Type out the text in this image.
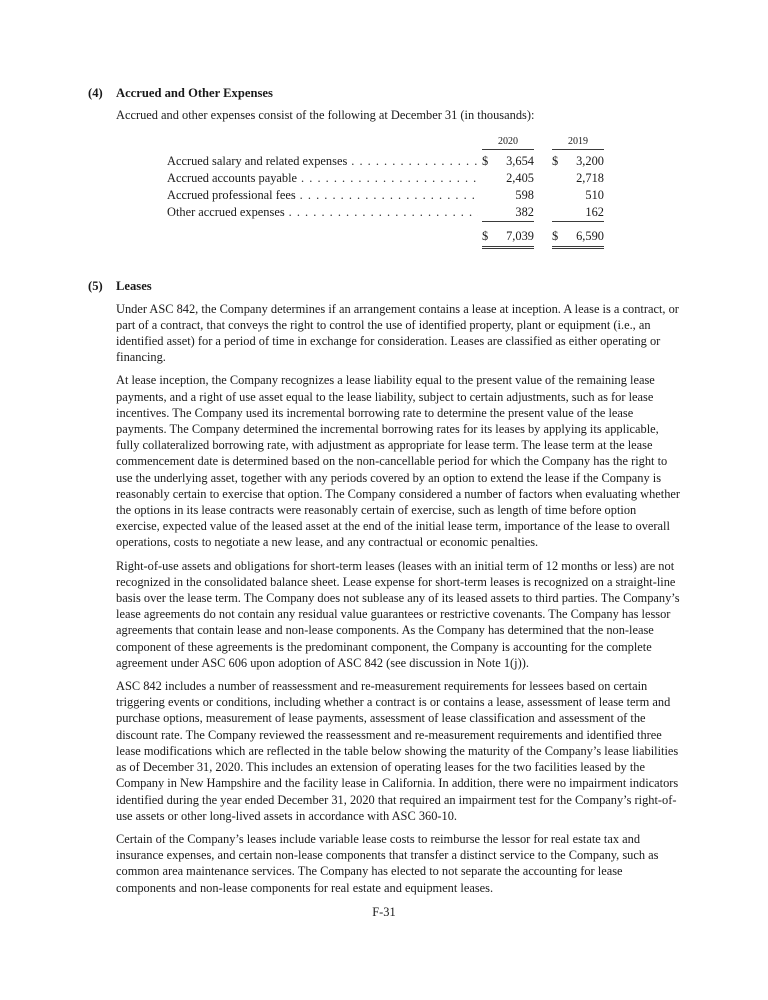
(4)	Accrued and Other Expenses

Accrued and other expenses consist of the following at December 31 (in thousands):

2020	2019
Accrued salary and related expenses . . .	$	3,654 $	3,200
Accrued accounts payable . . .	2,405	2,718
Accrued professional fees . . .	598	510
Other accrued expenses . . .	382	162
$	7,039 $	6,590
(5)	Leases

Under ASC 842, the Company determines if an arrangement contains a lease at inception. A lease is a contract, or part of a contract, that conveys the right to control the use of identified property, plant or equipment (i.e., an identified asset) for a period of time in exchange for consideration. Leases are classified as either operating or financing.

At lease inception, the Company recognizes a lease liability equal to the present value of the remaining lease payments, and a right of use asset equal to the lease liability, subject to certain adjustments, such as for lease incentives. The Company used its incremental borrowing rate to determine the present value of the lease payments. The Company determined the incremental borrowing rates for its leases by applying its applicable, fully collateralized borrowing rate, with adjustment as appropriate for lease term. The lease term at the lease commencement date is determined based on the non-cancellable period for which the Company has the right to use the underlying asset, together with any periods covered by an option to extend the lease if the Company is reasonably certain to exercise that option. The Company considered a number of factors when evaluating whether the options in its lease contracts were reasonably certain of exercise, such as length of time before option exercise, expected value of the leased asset at the end of the initial lease term, importance of the lease to overall operations, costs to negotiate a new lease, and any contractual or economic penalties.

Right-of-use assets and obligations for short-term leases (leases with an initial term of 12 months or less) are not recognized in the consolidated balance sheet. Lease expense for short-term leases is recognized on a straight-line basis over the lease term. The Company does not sublease any of its leased assets to third parties. The Company’s lease agreements do not contain any residual value guarantees or restrictive covenants. The Company has lessor agreements that contain lease and non-lease components. As the Company has determined that the non-lease component of these agreements is the predominant component, the Company is accounting for the complete agreement under ASC 606 upon adoption of ASC 842 (see discussion in Note 1(j)).

ASC 842 includes a number of reassessment and re-measurement requirements for lessees based on certain triggering events or conditions, including whether a contract is or contains a lease, assessment of lease term and purchase options, measurement of lease payments, assessment of lease classification and assessment of the discount rate. The Company reviewed the reassessment and re-measurement requirements and identified three lease modifications which are reflected in the table below showing the maturity of the Company’s lease liabilities as of December 31, 2020. This includes an extension of operating leases for the two facilities leased by the Company in New Hampshire and the facility lease in California. In addition, there were no impairment indicators identified during the year ended December 31, 2020 that required an impairment test for the Company’s right-of-use assets or other long-lived assets in accordance with ASC 360-10.

Certain of the Company’s leases include variable lease costs to reimburse the lessor for real estate tax and insurance expenses, and certain non-lease components that transfer a distinct service to the Company, such as common area maintenance services. The Company has elected to not separate the accounting for lease components and non-lease components for real estate and equipment leases.

F-31
